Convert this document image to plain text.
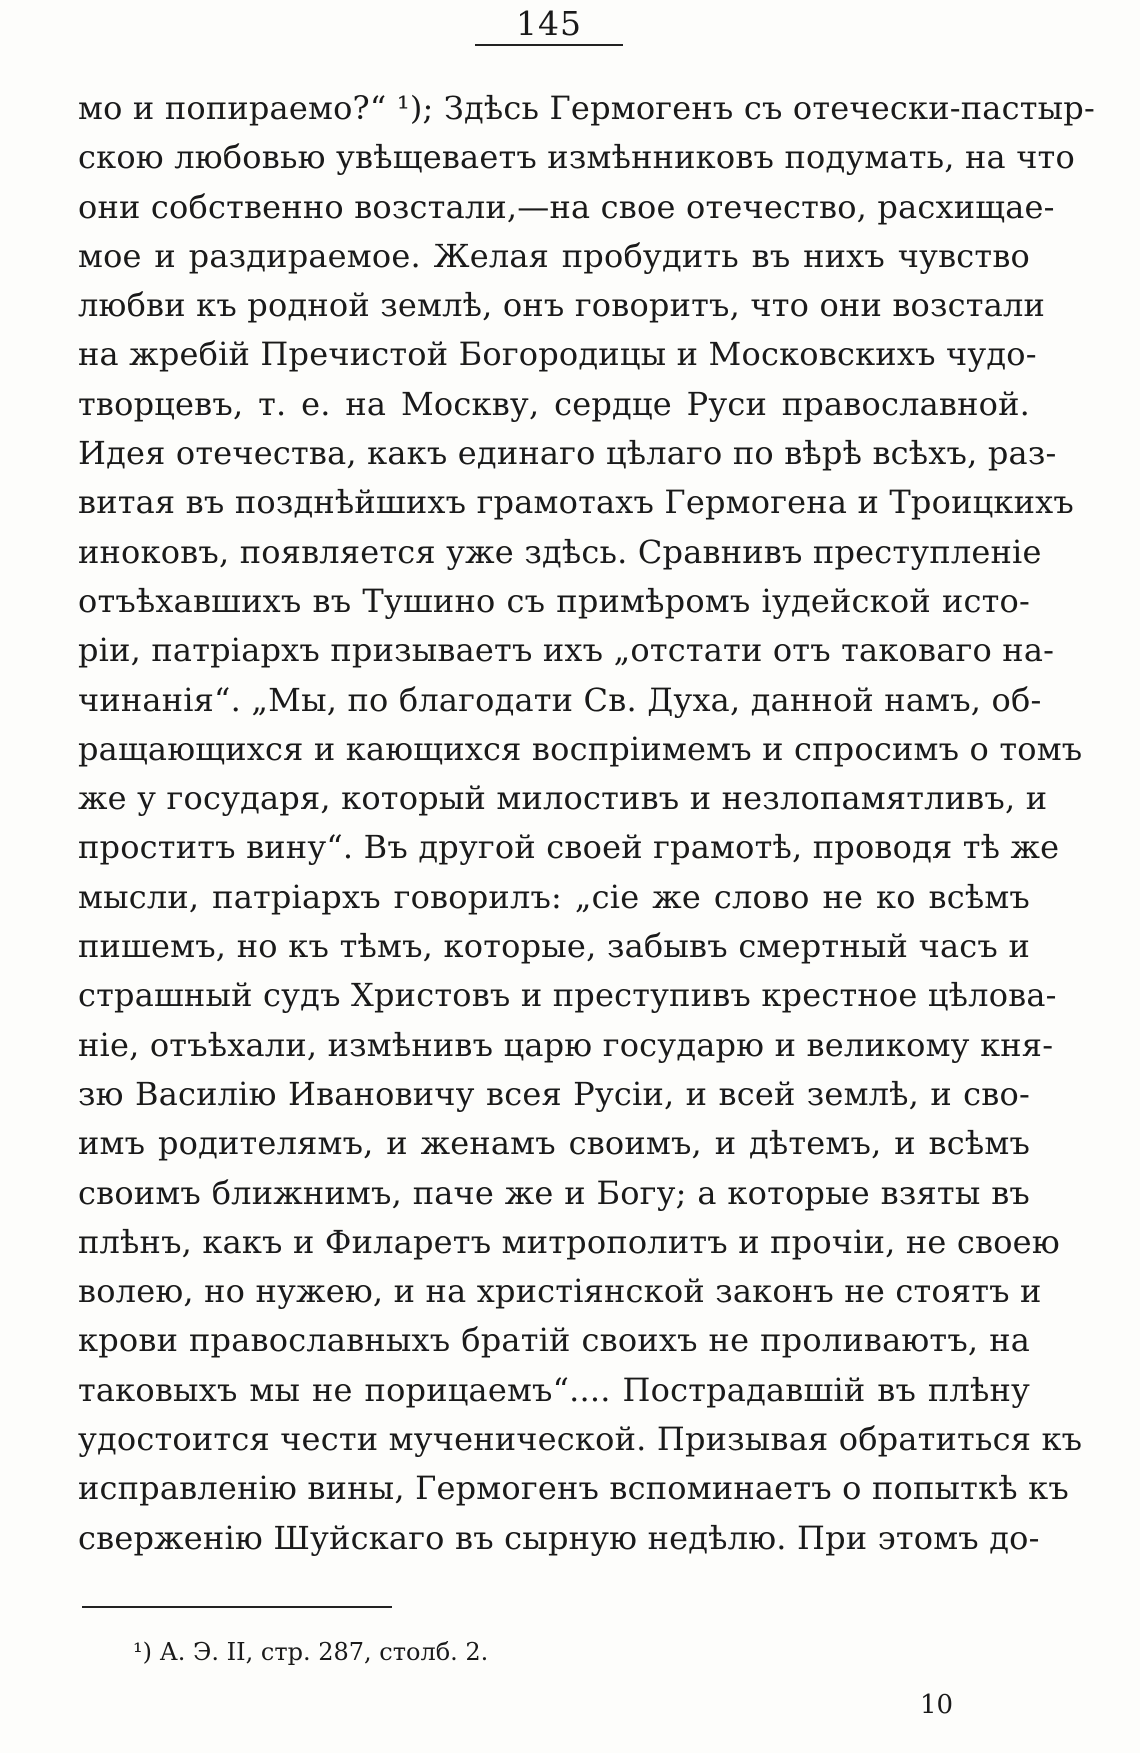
145
мо и попираемо?“ ¹); Здѣсь Гермогенъ съ отечески-пастыр-
скою любовью увѣщеваетъ измѣнниковъ подумать, на что
они собственно возстали,—на свое отечество, расхищае-
мое и раздираемое. Желая пробудить въ нихъ чувство
любви къ родной землѣ, онъ говоритъ, что они возстали
на жребій Пречистой Богородицы и Московскихъ чудо-
творцевъ, т. е. на Москву, сердце Руси православной.
Идея отечества, какъ единаго цѣлаго по вѣрѣ всѣхъ, раз-
витая въ позднѣйшихъ грамотахъ Гермогена и Троицкихъ
иноковъ, появляется уже здѣсь. Сравнивъ преступленіе
отъѣхавшихъ въ Тушино съ примѣромъ іудейской исто-
ріи, патріархъ призываетъ ихъ „отстати отъ таковаго на-
чинанія“. „Мы, по благодати Св. Духа, данной намъ, об-
ращающихся и кающихся воспріимемъ и спросимъ о томъ
же у государя, который милостивъ и незлопамятливъ, и
проститъ вину“. Въ другой своей грамотѣ, проводя тѣ же
мысли, патріархъ говорилъ: „сіе же слово не ко всѣмъ
пишемъ, но къ тѣмъ, которые, забывъ смертный часъ и
страшный судъ Христовъ и преступивъ крестное цѣлова-
ніе, отъѣхали, измѣнивъ царю государю и великому кня-
зю Василію Ивановичу всея Русіи, и всей землѣ, и сво-
имъ родителямъ, и женамъ своимъ, и дѣтемъ, и всѣмъ
своимъ ближнимъ, паче же и Богу; а которые взяты въ
плѣнъ, какъ и Филаретъ митрополитъ и прочіи, не своею
волею, но нужею, и на христіянской законъ не стоятъ и
крови православныхъ братій своихъ не проливаютъ, на
таковыхъ мы не порицаемъ“.... Пострадавшій въ плѣну
удостоится чести мученической. Призывая обратиться къ
исправленію вины, Гермогенъ вспоминаетъ о попыткѣ къ
сверженію Шуйскаго въ сырную недѣлю. При этомъ до-
¹) А. Э. II, стр. 287, столб. 2.
10
